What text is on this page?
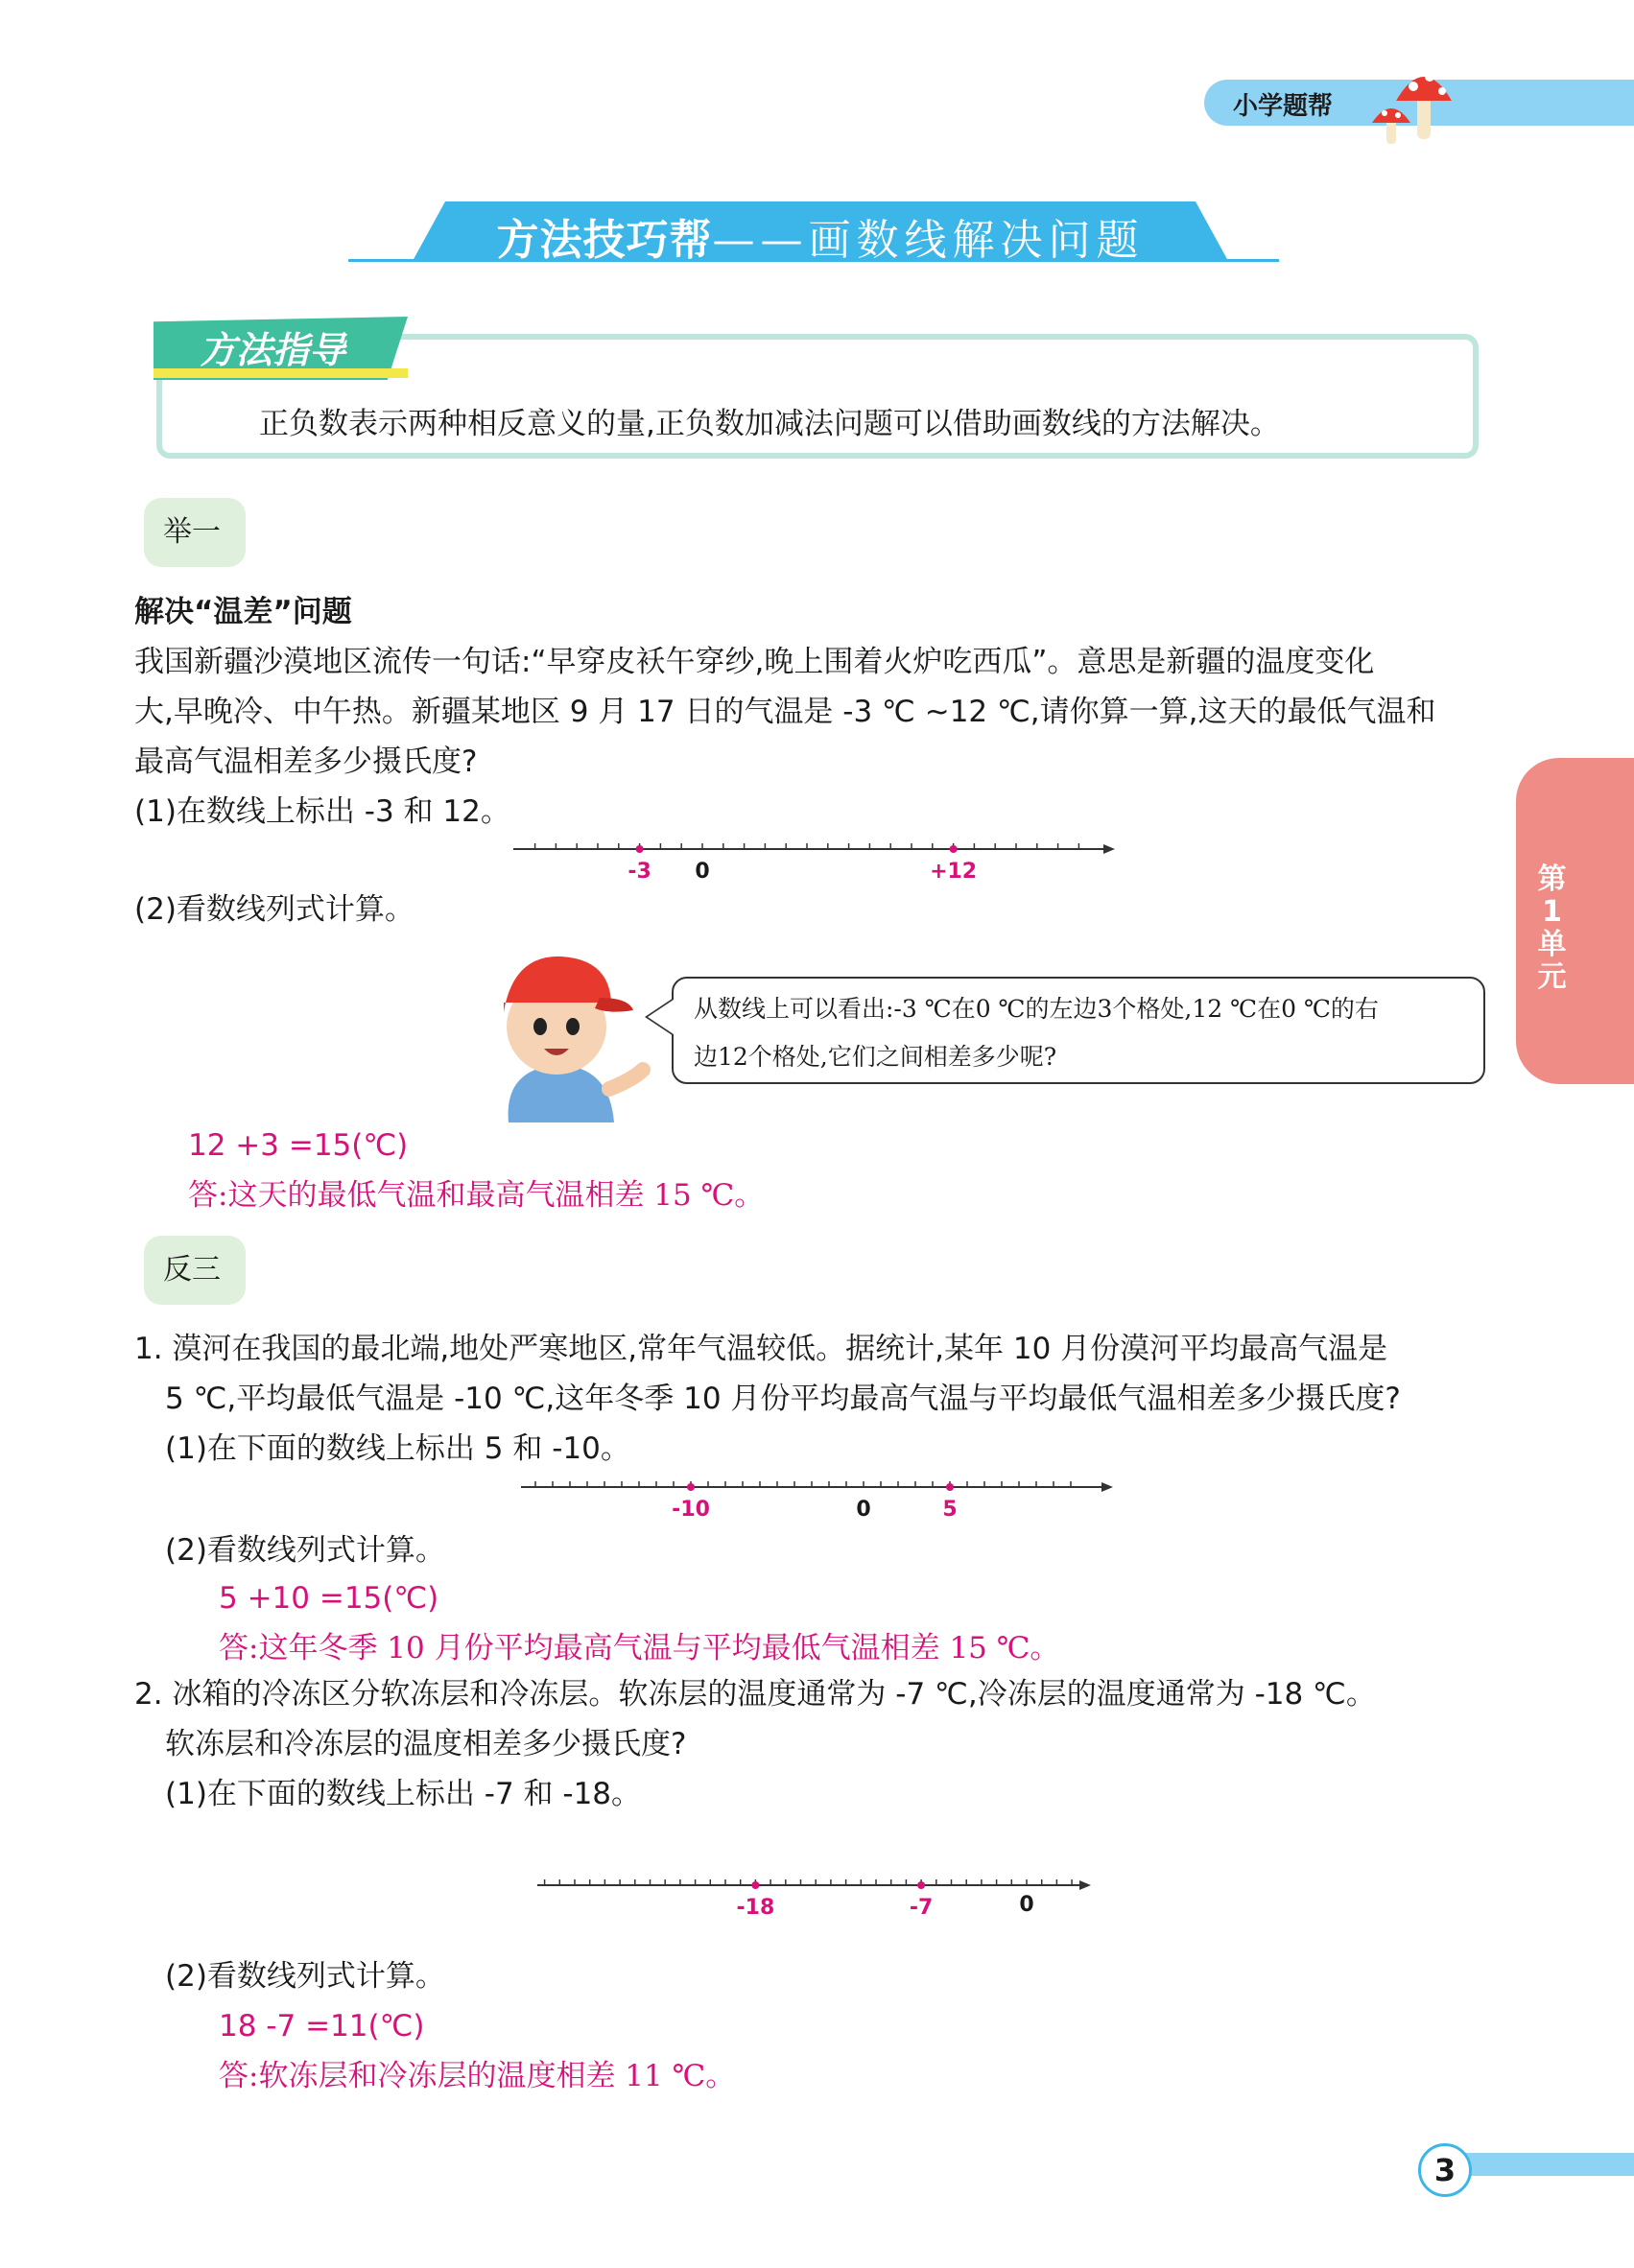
小学题帮
方法技巧帮——画数线解决问题
方法指导
正负数表示两种相反意义的量,正负数加减法问题可以借助画数线的方法解决。
举一
解决“温差”问题
我国新疆沙漠地区流传一句话:“早穿皮袄午穿纱,晚上围着火炉吃西瓜”。意思是新疆的温度变化
大,早晚冷、中午热。新疆某地区 9 月 17 日的气温是 -3 ℃ ~12 ℃,请你算一算,这天的最低气温和
最高气温相差多少摄氏度?
(1)在数线上标出 -3 和 12。
-3 0	+12
(2)看数线列式计算。
从数线上可以看出:-3 ℃在0 ℃的左边3个格处,12 ℃在0 ℃的右
边12个格处,它们之间相差多少呢?
12 +3 =15(℃)
答:这天的最低气温和最高气温相差 15 ℃。
反三
1. 漠河在我国的最北端,地处严寒地区,常年气温较低。据统计,某年 10 月份漠河平均最高气温是
5 ℃,平均最低气温是 -10 ℃,这年冬季 10 月份平均最高气温与平均最低气温相差多少摄氏度?
(1)在下面的数线上标出 5 和 -10。
-10	0	5
(2)看数线列式计算。
5 +10 =15(℃)
答:这年冬季 10 月份平均最高气温与平均最低气温相差 15 ℃。
2. 冰箱的冷冻区分软冻层和冷冻层。软冻层的温度通常为 -7 ℃,冷冻层的温度通常为 -18 ℃。
软冻层和冷冻层的温度相差多少摄氏度?
(1)在下面的数线上标出 -7 和 -18。
-18	0
-7
(2)看数线列式计算。
18 -7 =11(℃)
答:软冻层和冷冻层的温度相差 11 ℃。
第
1
单
元
3
